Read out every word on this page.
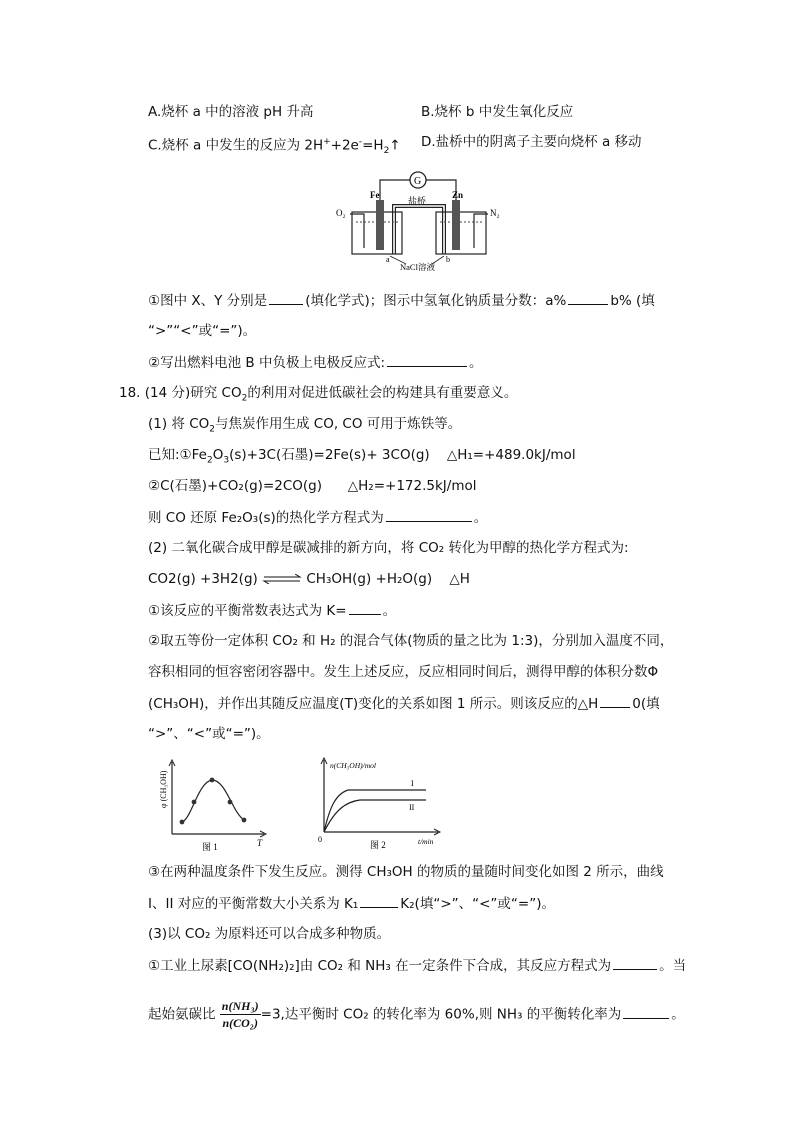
A.烧杯 a 中的溶液 pH 升高	B.烧杯 b 中发生氧化反应
C.烧杯 a 中发生的反应为 $2H^++2e^-=H_2↑$ D.盐桥中的阴离子主要向烧杯 a 移动
G
Fe	Zn
盐桥
O₂	N₂
a	b
NaCl溶液
①图中 X、Y 分别是	(填化学式)；图示中氢氧化钠质量分数：a%	b% (填
“>”“<”或“=”)。
②写出燃料电池 B 中负极上电极反应式:	。
18. (14 分)研究 $CO_2$的利用对促进低碳社会的构建具有重要意义。
(1) 将 $CO_2$与焦炭作用生成 CO, CO 可用于炼铁等。
已知$:①Fe_2O_3(s)+3C$(石墨)=2Fe(s)+ 3CO(g)    △H₁=+489.0kJ/mol
②C(石墨)+CO₂(g)=2CO(g) △H₂=+172.5kJ/mol
则 CO 还原 Fe₂O₃(s)的热化学方程式为	。
(2) 二氧化碳合成甲醇是碳减排的新方向，将 CO₂ 转化为甲醇的热化学方程式为:
CO2(g) +3H2(g) ⇌ CH₃OH(g) +H₂O(g) △H
①该反应的平衡常数表达式为 K=	。
②取五等份一定体积 CO₂ 和 H₂ 的混合气体(物质的量之比为 1:3)，分别加入温度不同，
容积相同的恒容密闭容器中。发生上述反应，反应相同时间后，测得甲醇的体积分数Φ
(CH₃OH)，并作出其随反应温度(T)变化的关系如图 1 所示。则该反应的△H	0(填
“>”、“<”或“=”)。
φ (CH₃OH)
T
图 1
n(CH₃OH)/mol
0	t/min
I
II
图 2
③在两种温度条件下发生反应。测得 CH₃OH 的物质的量随时间变化如图 2 所示，曲线
I、II 对应的平衡常数大小关系为 K₁	K₂(填“>”、“<”或“=”)。
(3)以 CO₂ 为原料还可以合成多种物质。
①工业上尿素[CO(NH₂)₂]由 CO₂ 和 NH₃ 在一定条件下合成，其反应方程式为	。当
起始氨碳比 $\frac{\text{n(NH₃)}}{\text{n(CO₂)}} =3$,达平衡时 CO₂ 的转化率为 60%,则 NH₃ 的平衡转化率为	。
